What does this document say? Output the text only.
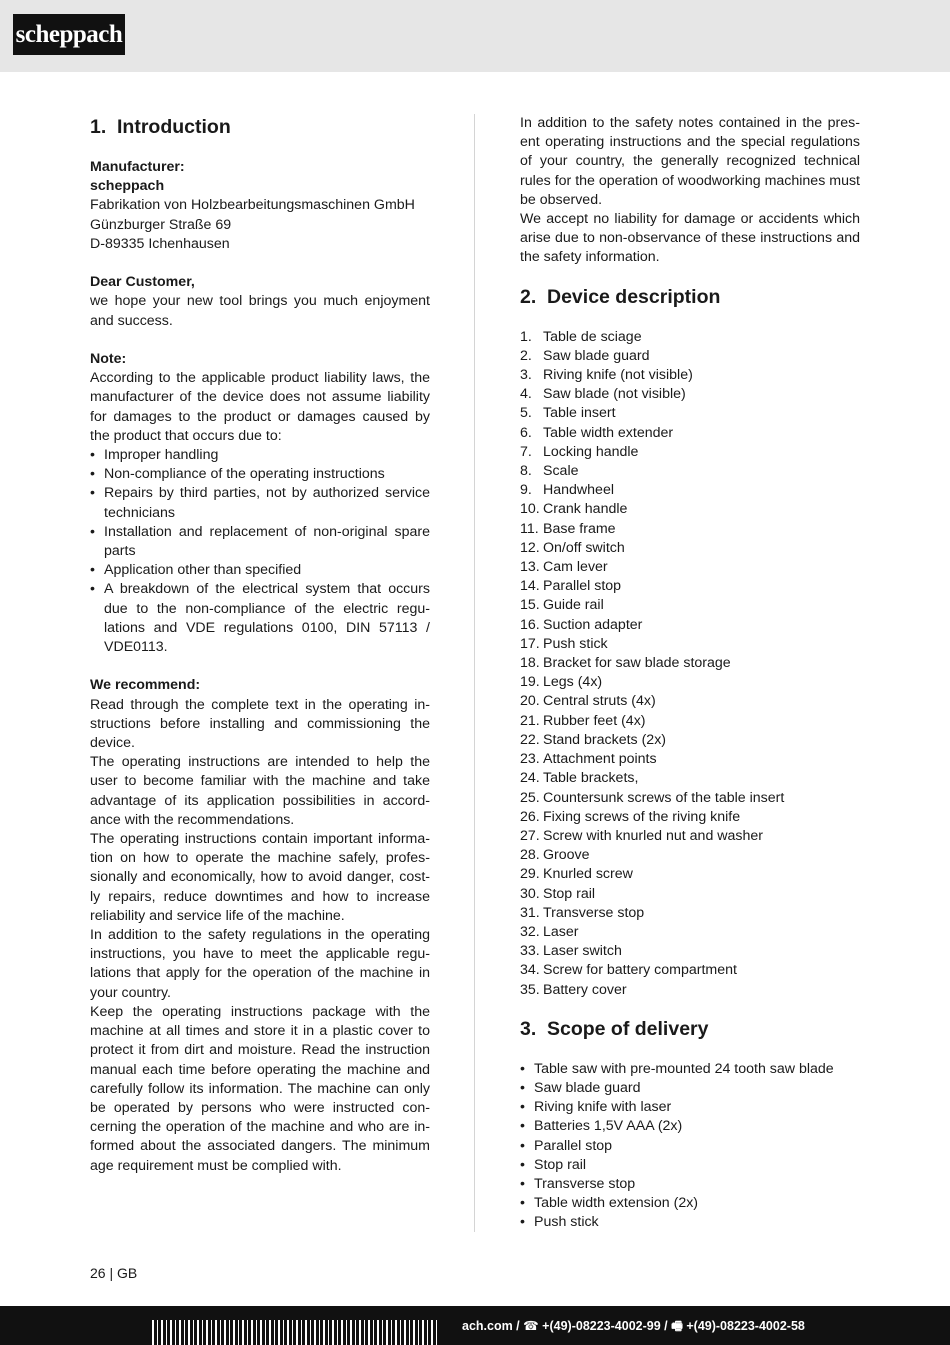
scheppach
1. Introduction

Manufacturer:

scheppach

Fabrikation von Holzbearbeitungsmaschinen GmbH

Günzburger Straße 69

D-89335 Ichenhausen

Dear Customer,

we hope your new tool brings you much enjoyment and success.

Note:

According to the applicable product liability laws, the manufacturer of the device does not assume liability for damages to the product or damages caused by the product that occurs due to:

• Improper handling
• Non-compliance of the operating instructions
• Repairs by third parties, not by authorized service technicians
• Installation and replacement of non-original spare parts
• Application other than specified
• A breakdown of the electrical system that occurs due to the non-compliance of the electric regu-lations and VDE regulations 0100, DIN 57113 / VDE0113.

We recommend:

Read through the complete text in the operating in-structions before installing and commissioning the device.

The operating instructions are intended to help the user to become familiar with the machine and take advantage of its application possibilities in accord-ance with the recommendations.

The operating instructions contain important informa-tion on how to operate the machine safely, profes-sionally and economically, how to avoid danger, cost-ly repairs, reduce downtimes and how to increase reliability and service life of the machine.

In addition to the safety regulations in the operating instructions, you have to meet the applicable regu-lations that apply for the operation of the machine in your country.

Keep the operating instructions package with the machine at all times and store it in a plastic cover to protect it from dirt and moisture. Read the instruction manual each time before operating the machine and carefully follow its information. The machine can only be operated by persons who were instructed con-cerning the operation of the machine and who are in-formed about the associated dangers. The minimum age requirement must be complied with.

In addition to the safety notes contained in the pres-ent operating instructions and the special regulations of your country, the generally recognized technical rules for the operation of woodworking machines must be observed.

We accept no liability for damage or accidents which arise due to non-observance of these instructions and the safety information.

2. Device description
1. Table de sciage
2. Saw blade guard
3. Riving knife (not visible)
4. Saw blade (not visible)
5. Table insert
6. Table width extender
7. Locking handle
8. Scale
9. Handwheel
10. Crank handle
11. Base frame
12. On/off switch
13. Cam lever
14. Parallel stop
15. Guide rail
16. Suction adapter
17. Push stick
18. Bracket for saw blade storage
19. Legs (4x)
20. Central struts (4x)
21. Rubber feet (4x)
22. Stand brackets (2x)
23. Attachment points
24. Table brackets,
25. Countersunk screws of the table insert
26. Fixing screws of the riving knife
27. Screw with knurled nut and washer
28. Groove
29. Knurled screw
30. Stop rail
31. Transverse stop
32. Laser
33. Laser switch
34. Screw for battery compartment
35. Battery cover
3. Scope of delivery
• Table saw with pre-mounted 24 tooth saw blade
• Saw blade guard
• Riving knife with laser
• Batteries 1,5V AAA (2x)
• Parallel stop
• Stop rail
• Transverse stop
• Table width extension (2x)
• Push stick
26 | GB
ach.com / ☎ +(49)-08223-4002-99 / 🖷 +(49)-08223-4002-58
